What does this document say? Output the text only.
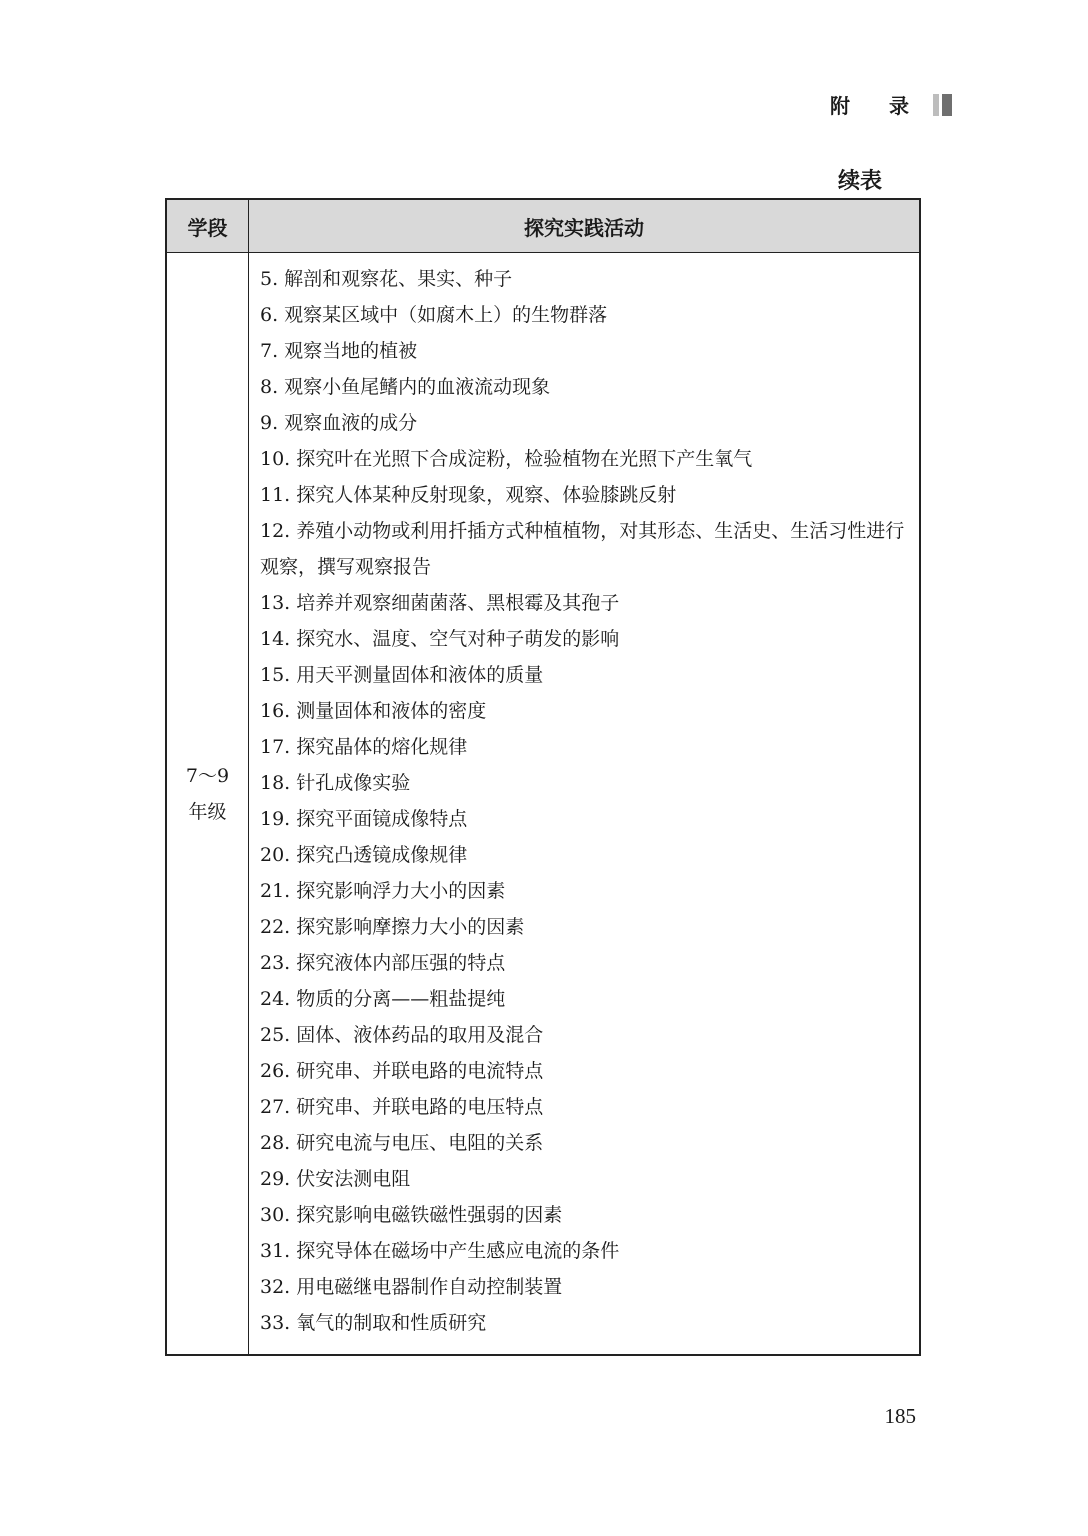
附 录
续表
学段	探究实践活动
7～9
年级
5. 解剖和观察花、果实、种子
6. 观察某区域中（如腐木上）的生物群落
7. 观察当地的植被
8. 观察小鱼尾鳍内的血液流动现象
9. 观察血液的成分
10. 探究叶在光照下合成淀粉，检验植物在光照下产生氧气
11. 探究人体某种反射现象，观察、体验膝跳反射
12. 养殖小动物或利用扦插方式种植植物，对其形态、生活史、生活习性进行观察，撰写观察报告
13. 培养并观察细菌菌落、黑根霉及其孢子
14. 探究水、温度、空气对种子萌发的影响
15. 用天平测量固体和液体的质量
16. 测量固体和液体的密度
17. 探究晶体的熔化规律
18. 针孔成像实验
19. 探究平面镜成像特点
20. 探究凸透镜成像规律
21. 探究影响浮力大小的因素
22. 探究影响摩擦力大小的因素
23. 探究液体内部压强的特点
24. 物质的分离——粗盐提纯
25. 固体、液体药品的取用及混合
26. 研究串、并联电路的电流特点
27. 研究串、并联电路的电压特点
28. 研究电流与电压、电阻的关系
29. 伏安法测电阻
30. 探究影响电磁铁磁性强弱的因素
31. 探究导体在磁场中产生感应电流的条件
32. 用电磁继电器制作自动控制装置
33. 氧气的制取和性质研究
185
